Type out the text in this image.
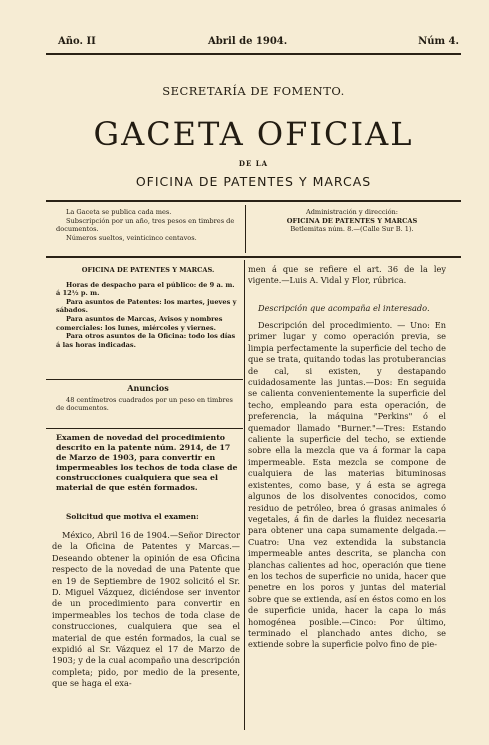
Año. II	Abril de 1904.	Núm 4.
SECRETARÍA DE FOMENTO.
GACETA OFICIAL
DE LA
OFICINA DE PATENTES Y MARCAS

La Gaceta se publica cada mes.

Subscripción por un año, tres pesos en timbres de documentos.

Números sueltos, veinticinco centavos.

Administración y dirección:

OFICINA DE PATENTES Y MARCAS

Betlemitas núm. 8.—(Calle Sur B. 1).

OFICINA DE PATENTES Y MARCAS.

Horas de despacho para el público: de 9 a. m. á 12½ p. m.

Para asuntos de Patentes: los martes, jueves y sábados.

Para asuntos de Marcas, Avisos y nombres comerciales: los lunes, miércoles y viernes.

Para otros asuntos de la Oficina: todo los días á las horas indicadas.

Anuncios

48 centímetros cuadrados por un peso en timbres de documentos.

Examen de novedad del procedimiento descrito en la patente núm. 2914, de 17 de Marzo de 1903, para convertir en impermeables los techos de toda clase de construcciones cualquiera que sea el material de que estén formados.
Solicitud que motiva el examen:
México, Abril 16 de 1904.—Señor Director de la Oficina de Patentes y Marcas.—Deseando obtener la opinión de esa Oficina respecto de la novedad de una Patente que en 19 de Septiembre de 1902 solicitó el Sr. D. Miguel Vázquez, diciéndose ser inventor de un procedimiento para convertir en impermeables los techos de toda clase de construcciones, cualquiera que sea el material de que estén formados, la cual se expidió al Sr. Vázquez el 17 de Marzo de 1903; y de la cual acompaño una descripción completa; pido, por medio de la presente, que se haga el exa-
men á que se refiere el art. 36 de la ley vigente.—Luis A. Vidal y Flor, rúbrica.
Descripción que acompaña el interesado.
Descripción del procedimiento. — Uno: En primer lugar y como operación previa, se limpia perfectamente la superficie del techo de que se trata, quitando todas las protuberancias de cal, si existen, y destapando cuidadosamente las juntas.—Dos: En seguida se calienta convenientemente la superficie del techo, empleando para esta operación, de preferencia, la máquina "Perkins" ó el quemador llamado "Burner."—Tres: Estando caliente la superficie del techo, se extiende sobre ella la mezcla que va á formar la capa impermeable. Esta mezcla se compone de cualquiera de las materias bituminosas existentes, como base, y á esta se agrega algunos de los disolventes conocidos, como residuo de petróleo, brea ó grasas animales ó vegetales, á fin de darles la fluidez necesaria para obtener una capa sumamente delgada.—Cuatro: Una vez extendida la substancia impermeable antes descrita, se plancha con planchas calientes ad hoc, operación que tiene en los techos de superficie no unida, hacer que penetre en los poros y juntas del material sobre que se extienda, así en éstos como en los de superficie unida, hacer la capa lo más homogénea posible.—Cinco: Por último, terminado el planchado antes dicho, se extiende sobre la superficie polvo fino de pie-
